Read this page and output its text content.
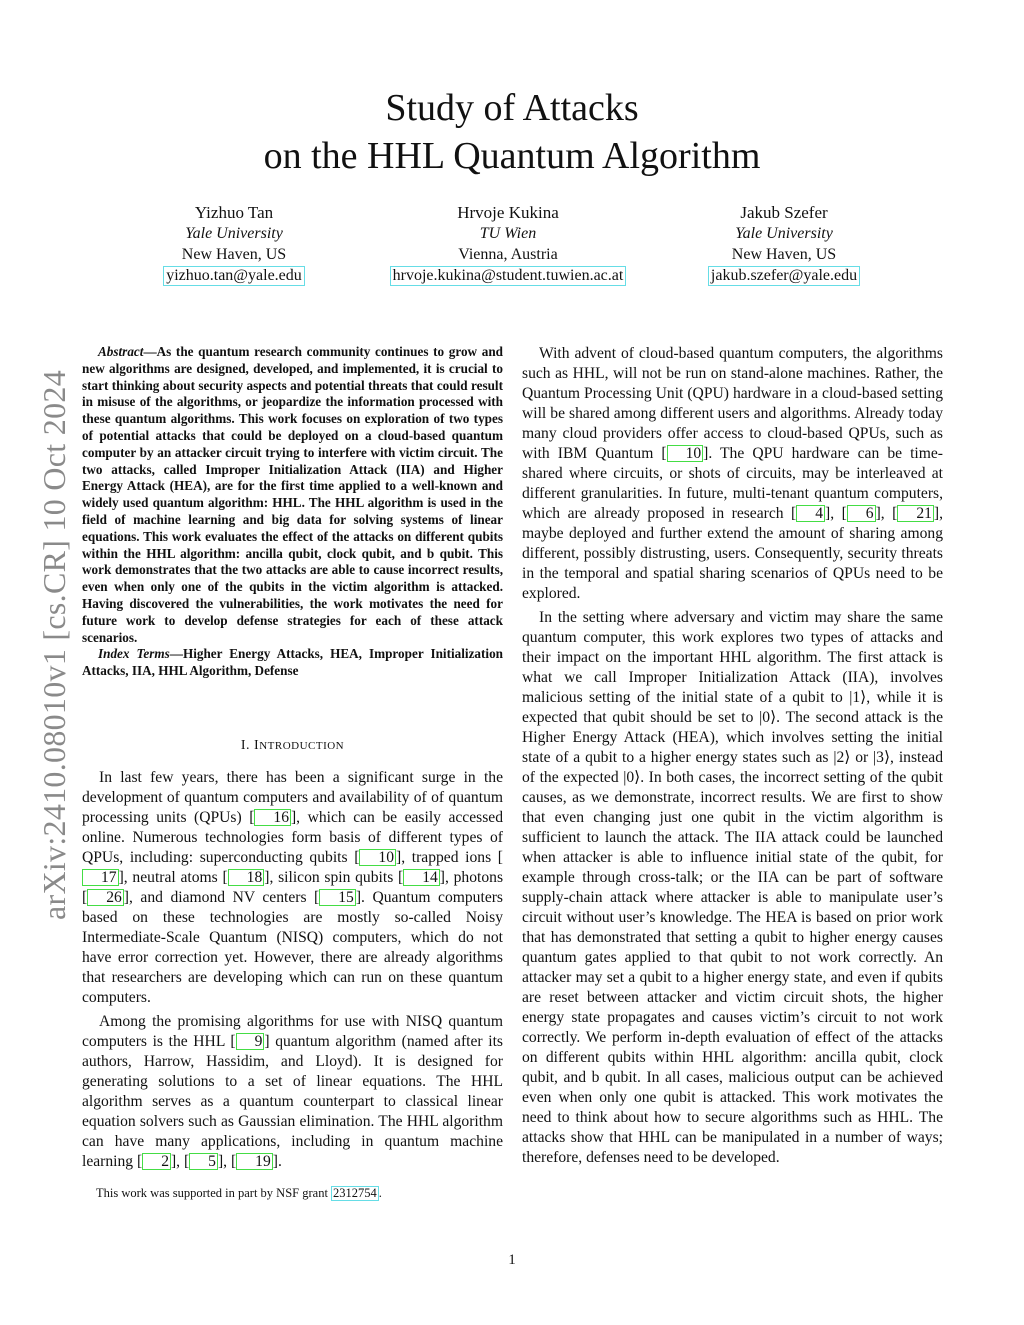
Study of Attacks
on the HHL Quantum Algorithm
Yizhuo Tan
Yale University
New Haven, US
yizhuo.tan@yale.edu
Hrvoje Kukina
TU Wien
Vienna, Austria
hrvoje.kukina@student.tuwien.ac.at
Jakub Szefer
Yale University
New Haven, US
jakub.szefer@yale.edu
arXiv:2410.08010v1 [cs.CR] 10 Oct 2024

Abstract—As the quantum research community continues to grow and new algorithms are designed, developed, and implemented, it is crucial to start thinking about security aspects and potential threats that could result in misuse of the algorithms, or jeopardize the information processed with these quantum algorithms. This work focuses on exploration of two types of potential attacks that could be deployed on a cloud-based quantum computer by an attacker circuit trying to interfere with victim circuit. The two attacks, called Improper Initialization Attack (IIA) and Higher Energy Attack (HEA), are for the first time applied to a well-known and widely used quantum algorithm: HHL. The HHL algorithm is used in the field of machine learning and big data for solving systems of linear equations. This work evaluates the effect of the attacks on different qubits within the HHL algorithm: ancilla qubit, clock qubit, and b qubit. This work demonstrates that the two attacks are able to cause incorrect results, even when only one of the qubits in the victim algorithm is attacked. Having discovered the vulnerabilities, the work motivates the need for future work to develop defense strategies for each of these attack scenarios.

Index Terms—Higher Energy Attacks, HEA, Improper Initialization Attacks, IIA, HHL Algorithm, Defense

I. INTRODUCTION

In last few years, there has been a significant surge in the development of quantum computers and availability of of quantum processing units (QPUs) [ 16 ], which can be easily accessed online. Numerous technologies form basis of different types of QPUs, including: superconducting qubits [ 10 ], trapped ions [17 ], neutral atoms [ 18 ], silicon spin qubits [ 14 ], photons [ 26 ], and diamond NV centers [ 15 ]. Quantum computers based on these technologies are mostly so-called Noisy Intermediate-Scale Quantum (NISQ) computers, which do not have error correction yet. However, there are already algorithms that researchers are developing which can run on these quantum computers.

Among the promising algorithms for use with NISQ quantum computers is the HHL [ 9 ] quantum algorithm (named after its authors, Harrow, Hassidim, and Lloyd). It is designed for generating solutions to a set of linear equations. The HHL algorithm serves as a quantum counterpart to classical linear equation solvers such as Gaussian elimination. The HHL algorithm can have many applications, including in quantum machine learning [ 2 ], [ 5 ], [ 19 ].

This work was supported in part by NSF grant 2312754 .

With advent of cloud-based quantum computers, the algorithms such as HHL, will not be run on stand-alone machines. Rather, the Quantum Processing Unit (QPU) hardware in a cloud-based setting will be shared among different users and algorithms. Already today many cloud providers offer access to cloud-based QPUs, such as with IBM Quantum [ 10 ]. The QPU hardware can be time-shared where circuits, or shots of circuits, may be interleaved at different granularities. In future, multi-tenant quantum computers, which are already proposed in research [ 4 ], [ 6 ], [ 21 ], maybe deployed and further extend the amount of sharing among different, possibly distrusting, users. Consequently, security threats in the temporal and spatial sharing scenarios of QPUs need to be explored.

In the setting where adversary and victim may share the same quantum computer, this work explores two types of attacks and their impact on the important HHL algorithm. The first attack is what we call Improper Initialization Attack (IIA), involves malicious setting of the initial state of a qubit to |1⟩, while it is expected that qubit should be set to |0⟩. The second attack is the Higher Energy Attack (HEA), which involves setting the initial state of a qubit to a higher energy states such as |2⟩ or |3⟩, instead of the expected |0⟩. In both cases, the incorrect setting of the qubit causes, as we demonstrate, incorrect results. We are first to show that even changing just one qubit in the victim algorithm is sufficient to launch the attack. The IIA attack could be launched when attacker is able to influence initial state of the qubit, for example through cross-talk; or the IIA can be part of software supply-chain attack where attacker is able to manipulate user’s circuit without user’s knowledge. The HEA is based on prior work that has demonstrated that setting a qubit to higher energy causes quantum gates applied to that qubit to not work correctly. An attacker may set a qubit to a higher energy state, and even if qubits are reset between attacker and victim circuit shots, the higher energy state propagates and causes victim’s circuit to not work correctly. We perform in-depth evaluation of effect of the attacks on different qubits within HHL algorithm: ancilla qubit, clock qubit, and b qubit. In all cases, malicious output can be achieved even when only one qubit is attacked. This work motivates the need to think about how to secure algorithms such as HHL. The attacks show that HHL can be manipulated in a number of ways; therefore, defenses need to be developed.

1
